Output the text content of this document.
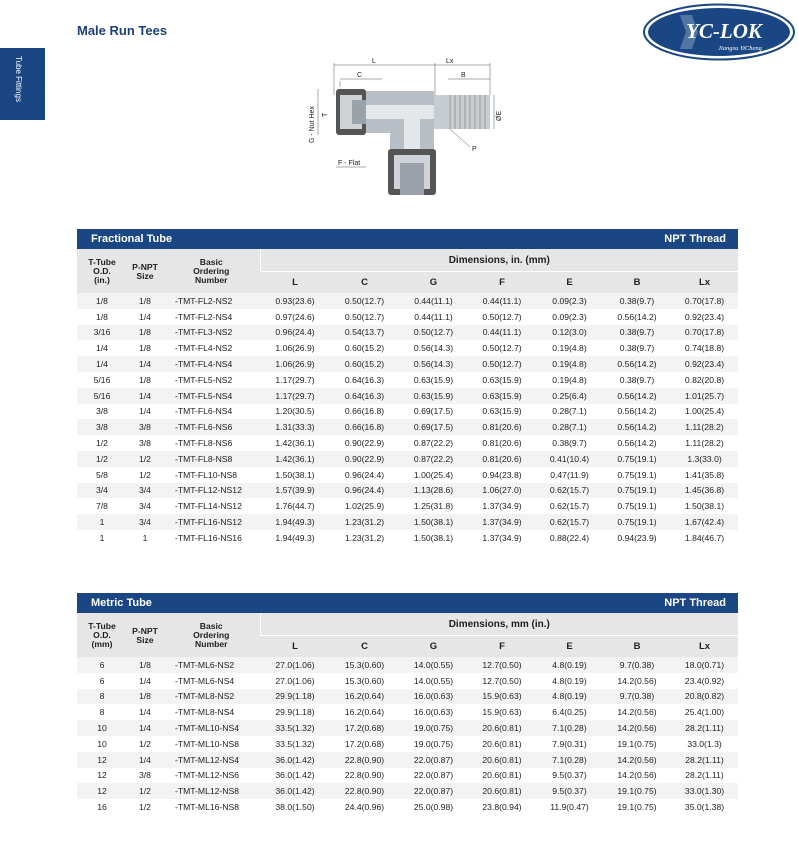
Male Run Tees
Tube Fittings
YC-LOK
Jiangsu YiCheng
L	Lx
C	B
G - Nut Hex T	ØE
P
F - Flat
Fractional Tube	NPT Thread
T-Tube
O.D.
(in.)	P-NPT
Size	Basic
Ordering
Number	Dimensions, in. (mm)						
			L	C	G	F	E	B	Lx
1/8	1/8	-TMT-FL2-NS2	0.93(23.6)	0.50(12.7)	0.44(11.1)	0.44(11.1)	0.09(2.3)	0.38(9.7)	0.70(17.8)
1/8	1/4	-TMT-FL2-NS4	0.97(24.6)	0.50(12.7)	0.44(11.1)	0.50(12.7)	0.09(2.3)	0.56(14.2)	0.92(23.4)
3/16	1/8	-TMT-FL3-NS2	0.96(24.4)	0.54(13.7)	0.50(12.7)	0.44(11.1)	0.12(3.0)	0.38(9.7)	0.70(17.8)
1/4	1/8	-TMT-FL4-NS2	1.06(26.9)	0.60(15.2)	0.56(14.3)	0.50(12.7)	0.19(4.8)	0.38(9.7)	0.74(18.8)
1/4	1/4	-TMT-FL4-NS4	1.06(26.9)	0.60(15.2)	0.56(14.3)	0.50(12.7)	0.19(4.8)	0.56(14.2)	0.92(23.4)
5/16	1/8	-TMT-FL5-NS2	1.17(29.7)	0.64(16.3)	0.63(15.9)	0.63(15.9)	0.19(4.8)	0.38(9.7)	0.82(20.8)
5/16	1/4	-TMT-FL5-NS4	1.17(29.7)	0.64(16.3)	0.63(15.9)	0.63(15.9)	0.25(6.4)	0.56(14.2)	1.01(25.7)
3/8	1/4	-TMT-FL6-NS4	1.20(30.5)	0.66(16.8)	0.69(17.5)	0.63(15.9)	0.28(7.1)	0.56(14.2)	1.00(25.4)
3/8	3/8	-TMT-FL6-NS6	1.31(33.3)	0.66(16.8)	0.69(17.5)	0.81(20.6)	0.28(7.1)	0.56(14.2)	1.11(28.2)
1/2	3/8	-TMT-FL8-NS6	1.42(36.1)	0.90(22.9)	0.87(22.2)	0.81(20.6)	0.38(9.7)	0.56(14.2)	1.11(28.2)
1/2	1/2	-TMT-FL8-NS8	1.42(36.1)	0.90(22.9)	0.87(22.2)	0.81(20.6)	0.41(10.4)	0.75(19.1)	1.3(33.0)
5/8	1/2	-TMT-FL10-NS8	1.50(38.1)	0.96(24.4)	1.00(25.4)	0.94(23.8)	0.47(11.9)	0.75(19.1)	1.41(35.8)
3/4	3/4	-TMT-FL12-NS12	1.57(39.9)	0.96(24.4)	1.13(28.6)	1.06(27.0)	0.62(15.7)	0.75(19.1)	1.45(36.8)
7/8	3/4	-TMT-FL14-NS12	1.76(44.7)	1.02(25.9)	1.25(31.8)	1.37(34.9)	0.62(15.7)	0.75(19.1)	1.50(38.1)
1	3/4	-TMT-FL16-NS12	1.94(49.3)	1.23(31.2)	1.50(38.1)	1.37(34.9)	0.62(15.7)	0.75(19.1)	1.67(42.4)
1	1	-TMT-FL16-NS16	1.94(49.3)	1.23(31.2)	1.50(38.1)	1.37(34.9)	0.88(22.4)	0.94(23.9)	1.84(46.7)
Metric Tube	NPT Thread
T-Tube
O.D.
(mm)	P-NPT
Size	Basic
Ordering
Number	Dimensions, mm (in.)						
			L	C	G	F	E	B	Lx
6	1/8	-TMT-ML6-NS2	27.0(1.06)	15.3(0.60)	14.0(0.55)	12.7(0.50)	4.8(0.19)	9.7(0.38)	18.0(0.71)
6	1/4	-TMT-ML6-NS4	27.0(1.06)	15.3(0.60)	14.0(0.55)	12.7(0.50)	4.8(0.19)	14.2(0.56)	23.4(0.92)
8	1/8	-TMT-ML8-NS2	29.9(1.18)	16.2(0.64)	16.0(0.63)	15.9(0.63)	4.8(0.19)	9.7(0.38)	20.8(0.82)
8	1/4	-TMT-ML8-NS4	29.9(1.18)	16.2(0.64)	16.0(0.63)	15.9(0.63)	6.4(0.25)	14.2(0.56)	25.4(1.00)
10	1/4	-TMT-ML10-NS4	33.5(1.32)	17.2(0.68)	19.0(0.75)	20.6(0.81)	7.1(0.28)	14.2(0.56)	28.2(1.11)
10	1/2	-TMT-ML10-NS8	33.5(1.32)	17.2(0.68)	19.0(0.75)	20.6(0.81)	7.9(0.31)	19.1(0.75)	33.0(1.3)
12	1/4	-TMT-ML12-NS4	36.0(1.42)	22.8(0.90)	22.0(0.87)	20.6(0.81)	7.1(0.28)	14.2(0.56)	28.2(1.11)
12	3/8	-TMT-ML12-NS6	36.0(1.42)	22.8(0.90)	22.0(0.87)	20.6(0.81)	9.5(0.37)	14.2(0.56)	28.2(1.11)
12	1/2	-TMT-ML12-NS8	36.0(1.42)	22.8(0.90)	22.0(0.87)	20.6(0.81)	9.5(0.37)	19.1(0.75)	33.0(1.30)
16	1/2	-TMT-ML16-NS8	38.0(1.50)	24.4(0.96)	25.0(0.98)	23.8(0.94)	11.9(0.47)	19.1(0.75)	35.0(1.38)
